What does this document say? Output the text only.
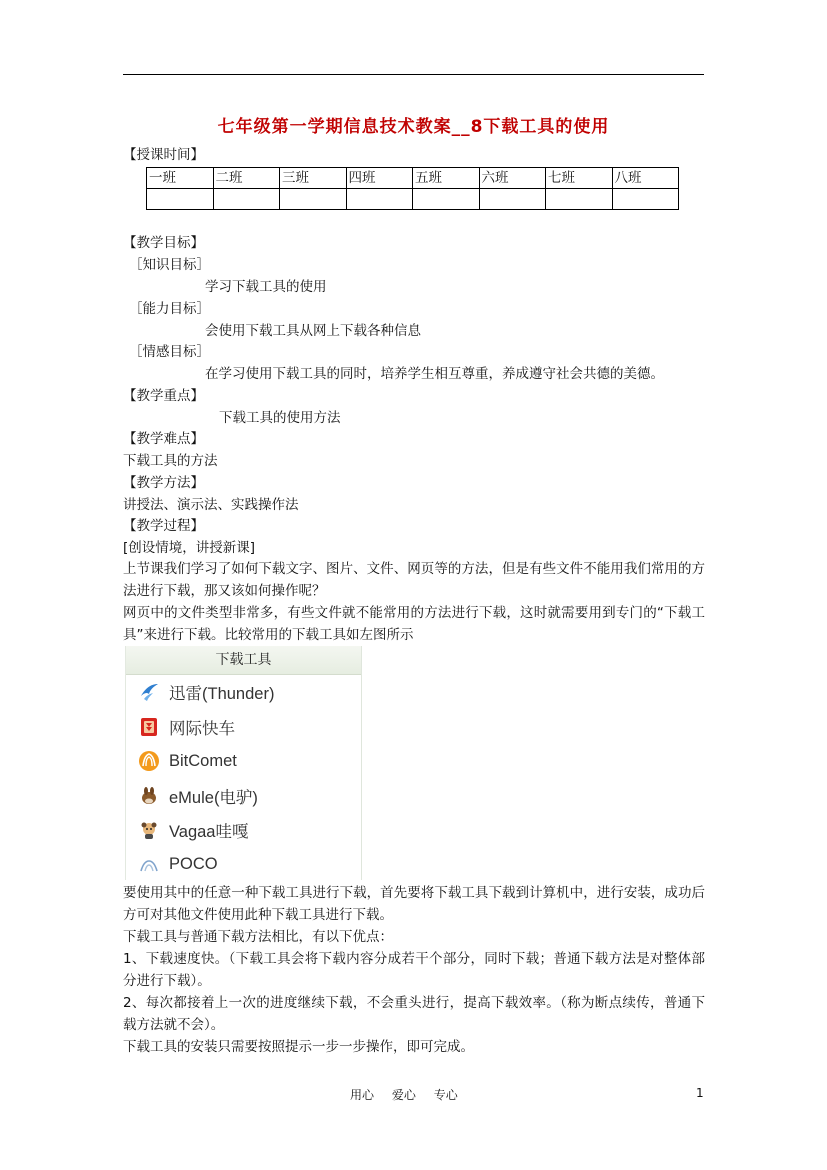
七年级第一学期信息技术教案__8下载工具的使用
【授课时间】
一班	二班	三班	四班	五班	六班	七班	八班

【教学目标】
［知识目标］
学习下载工具的使用
［能力目标］
会使用下载工具从网上下载各种信息
［情感目标］
在学习使用下载工具的同时，培养学生相互尊重，养成遵守社会共德的美德。
【教学重点】
下载工具的使用方法
【教学难点】
下载工具的方法
【教学方法】
讲授法、演示法、实践操作法
【教学过程】
[创设情境，讲授新课]
上节课我们学习了如何下载文字、图片、文件、网页等的方法，但是有些文件不能用我们常用的方法进行下载，那又该如何操作呢？
网页中的文件类型非常多，有些文件就不能常用的方法进行下载，这时就需要用到专门的“下载工具”来进行下载。比较常用的下载工具如左图所示
下载工具
迅雷(Thunder)
网际快车
BitComet
eMule(电驴)
Vagaa哇嘎
POCO
要使用其中的任意一种下载工具进行下载，首先要将下载工具下载到计算机中，进行安装，成功后方可对其他文件使用此种下载工具进行下载。
下载工具与普通下载方法相比，有以下优点：
1、下载速度快。（下载工具会将下载内容分成若干个部分，同时下载；普通下载方法是对整体部分进行下载）。
2、每次都接着上一次的进度继续下载，不会重头进行，提高下载效率。（称为断点续传，普通下载方法就不会）。
下载工具的安装只需要按照提示一步一步操作，即可完成。
用心 爱心 专心	1
